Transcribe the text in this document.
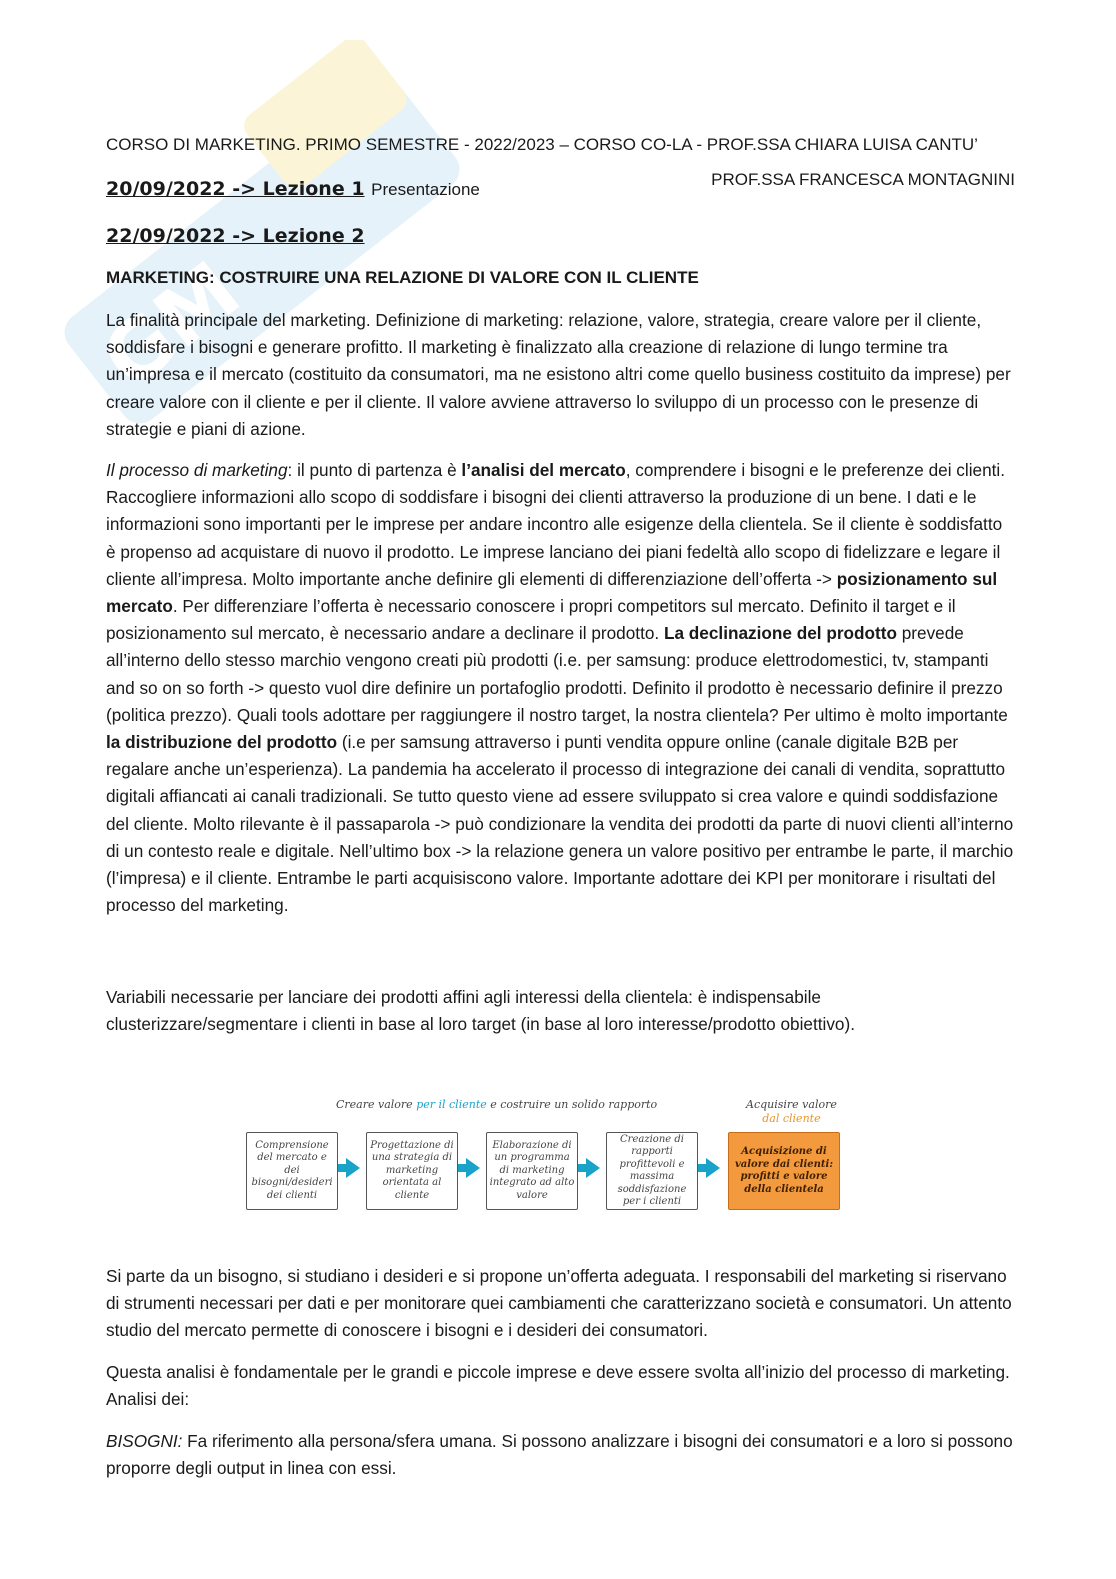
GM
CORSO DI MARKETING. PRIMO SEMESTRE - 2022/2023 – CORSO CO-LA - PROF.SSA CHIARA LUISA CANTU’
PROF.SSA FRANCESCA MONTAGNINI
20/09/2022 -> Lezione 1 Presentazione
22/09/2022 -> Lezione 2
MARKETING: COSTRUIRE UNA RELAZIONE DI VALORE CON IL CLIENTE

La finalità principale del marketing. Definizione di marketing: relazione, valore, strategia, creare valore per il cliente, soddisfare i bisogni e generare profitto. Il marketing è finalizzato alla creazione di relazione di lungo termine tra un’impresa e il mercato (costituito da consumatori, ma ne esistono altri come quello business costituito da imprese) per creare valore con il cliente e per il cliente. Il valore avviene attraverso lo sviluppo di un processo con le presenze di strategie e piani di azione.

Il processo di marketing: il punto di partenza è l’analisi del mercato, comprendere i bisogni e le preferenze dei clienti. Raccogliere informazioni allo scopo di soddisfare i bisogni dei clienti attraverso la produzione di un bene. I dati e le informazioni sono importanti per le imprese per andare incontro alle esigenze della clientela. Se il cliente è soddisfatto è propenso ad acquistare di nuovo il prodotto. Le imprese lanciano dei piani fedeltà allo scopo di fidelizzare e legare il cliente all’impresa. Molto importante anche definire gli elementi di differenziazione dell’offerta -> posizionamento sul mercato. Per differenziare l’offerta è necessario conoscere i propri competitors sul mercato. Definito il target e il posizionamento sul mercato, è necessario andare a declinare il prodotto. La declinazione del prodotto prevede all’interno dello stesso marchio vengono creati più prodotti (i.e. per samsung: produce elettrodomestici, tv, stampanti and so on so forth -> questo vuol dire definire un portafoglio prodotti. Definito il prodotto è necessario definire il prezzo (politica prezzo). Quali tools adottare per raggiungere il nostro target, la nostra clientela? Per ultimo è molto importante la distribuzione del prodotto (i.e per samsung attraverso i punti vendita oppure online (canale digitale B2B per regalare anche un’esperienza). La pandemia ha accelerato il processo di integrazione dei canali di vendita, soprattutto digitali affiancati ai canali tradizionali. Se tutto questo viene ad essere sviluppato si crea valore e quindi soddisfazione del cliente. Molto rilevante è il passaparola -> può condizionare la vendita dei prodotti da parte di nuovi clienti all’interno di un contesto reale e digitale. Nell’ultimo box -> la relazione genera un valore positivo per entrambe le parte, il marchio (l’impresa) e il cliente. Entrambe le parti acquisiscono valore. Importante adottare dei KPI per monitorare i risultati del processo del marketing.

Variabili necessarie per lanciare dei prodotti affini agli interessi della clientela: è indispensabile clusterizzare/segmentare i clienti in base al loro target (in base al loro interesse/prodotto obiettivo).

Creare valore per il cliente e costruire un solido rapporto	Acquisire valore
dal cliente
Comprensione del mercato e dei bisogni/desideri dei clienti
Progettazione di una strategia di marketing orientata al cliente
Elaborazione di un programma di marketing integrato ad alto valore
Creazione di rapporti profittevoli e massima soddisfazione per i clienti
Acquisizione di valore dai clienti: profitti e valore della clientela

Si parte da un bisogno, si studiano i desideri e si propone un’offerta adeguata. I responsabili del marketing si riservano di strumenti necessari per dati e per monitorare quei cambiamenti che caratterizzano società e consumatori. Un attento studio del mercato permette di conoscere i bisogni e i desideri dei consumatori.

Questa analisi è fondamentale per le grandi e piccole imprese e deve essere svolta all’inizio del processo di marketing. Analisi dei:

BISOGNI: Fa riferimento alla persona/sfera umana. Si possono analizzare i bisogni dei consumatori e a loro si possono proporre degli output in linea con essi.
